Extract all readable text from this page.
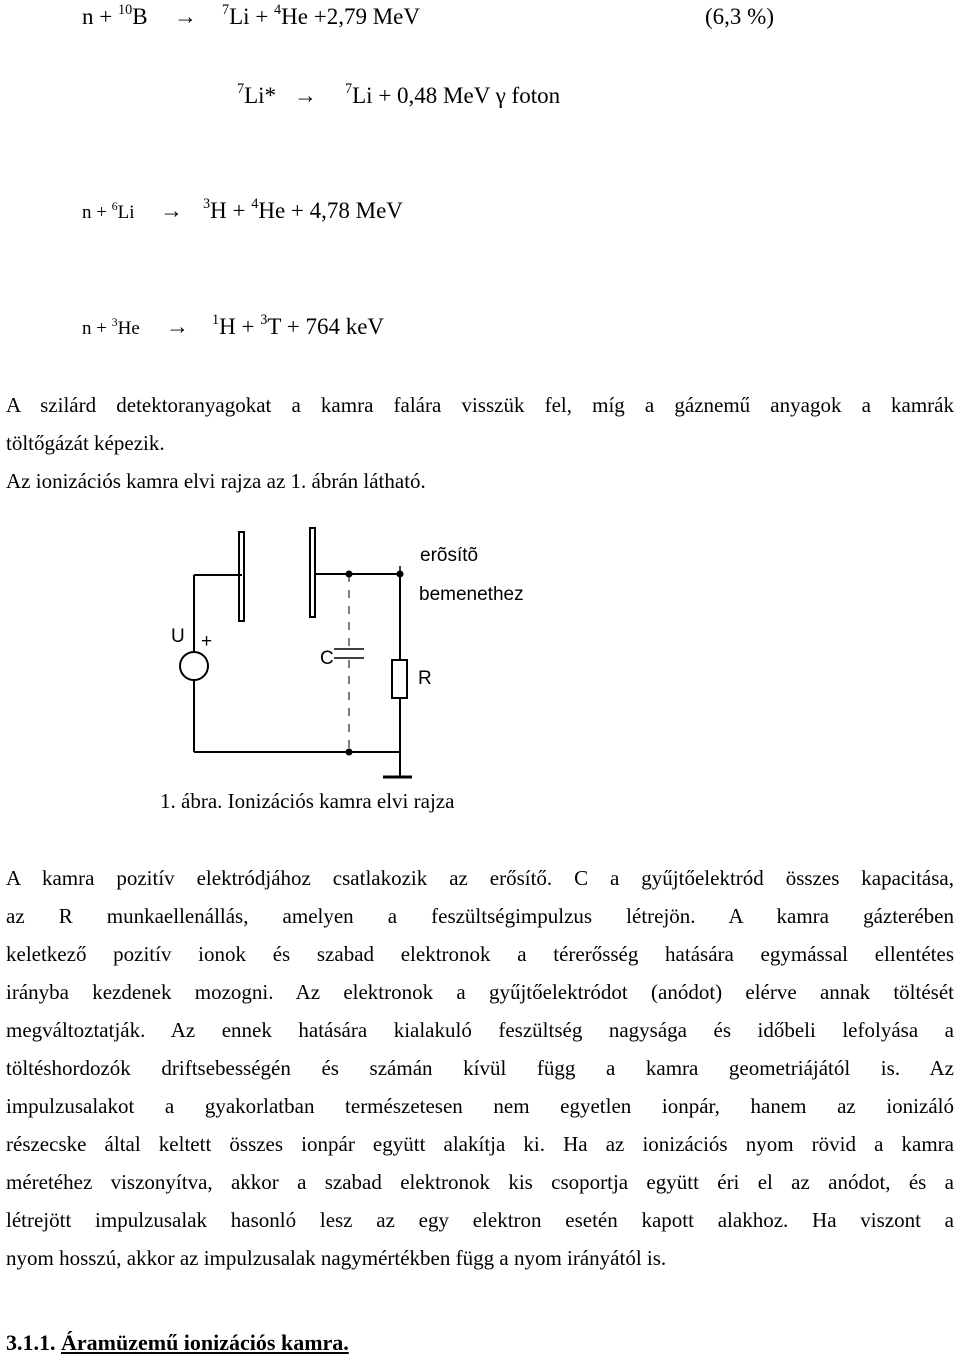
n + $^{10}$B → $^7$Li + $^4$He +2,79 MeV	(6,3 %)
$^7$Li* → $^7$Li + 0,48 MeV γ foton
n + $^6$Li → $^3$H + $^4$He + 4,78 MeV
n + $^3$He → $^1$H + $^3$T + 764 keV
A szilárd detektoranyagokat a kamra falára visszük fel, míg a gáznemű anyagok a kamrák
töltőgázát képezik.
Az ionizációs kamra elvi rajza az 1. ábrán látható.
erõsítõ
bemenethez
U +
C
R
1. ábra. Ionizációs kamra elvi rajza
A kamra pozitív elektródjához csatlakozik az erősítő. C a gyűjtőelektród összes kapacitása,
az R munkaellenállás, amelyen a feszültségimpulzus létrejön. A kamra gázterében
keletkező pozitív ionok és szabad elektronok a térerősség hatására egymással ellentétes
irányba kezdenek mozogni. Az elektronok a gyűjtőelektródot (anódot) elérve annak töltését
megváltoztatják. Az ennek hatására kialakuló feszültség nagysága és időbeli lefolyása a
töltéshordozók driftsebességén és számán kívül függ a kamra geometriájától is. Az
impulzusalakot a gyakorlatban természetesen nem egyetlen ionpár, hanem az ionizáló
részecske által keltett összes ionpár együtt alakítja ki. Ha az ionizációs nyom rövid a kamra
méretéhez viszonyítva, akkor a szabad elektronok kis csoportja együtt éri el az anódot, és a
létrejött impulzusalak hasonló lesz az egy elektron esetén kapott alakhoz. Ha viszont a
nyom hosszú, akkor az impulzusalak nagymértékben függ a nyom irányától is.
3.1.1. Áramüzemű ionizációs kamra.
